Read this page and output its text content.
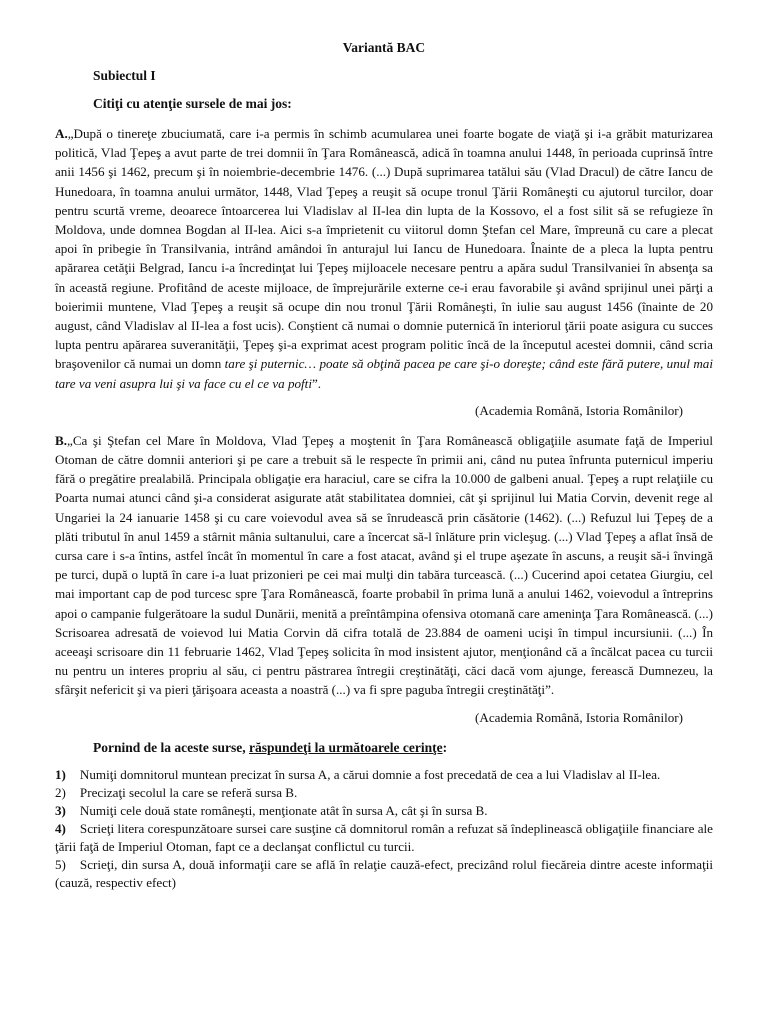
Variantă BAC
Subiectul I
Citiţi cu atenţie sursele de mai jos:

A.„După o tinereţe zbuciumată, care i-a permis în schimb acumularea unei foarte bogate de viaţă şi i-a grăbit maturizarea politică, Vlad Ţepeş a avut parte de trei domnii în Ţara Românească, adică în toamna anului 1448, în perioada cuprinsă între anii 1456 şi 1462, precum şi în noiembrie-decembrie 1476. (...) După suprimarea tatălui său (Vlad Dracul) de către Iancu de Hunedoara, în toamna anului următor, 1448, Vlad Ţepeş a reuşit să ocupe tronul Ţării Româneşti cu ajutorul turcilor, doar pentru scurtă vreme, deoarece întoarcerea lui Vladislav al II-lea din lupta de la Kossovo, el a fost silit să se refugieze în Moldova, unde domnea Bogdan al II-lea. Aici s-a împrietenit cu viitorul domn Ştefan cel Mare, împreună cu care a plecat apoi în pribegie în Transilvania, intrând amândoi în anturajul lui Iancu de Hunedoara. Înainte de a pleca la lupta pentru apărarea cetăţii Belgrad, Iancu i-a încredinţat lui Ţepeş mijloacele necesare pentru a apăra sudul Transilvaniei în absenţa sa în această regiune. Profitând de aceste mijloace, de împrejurările externe ce-i erau favorabile şi având sprijinul unei părţi a boierimii muntene, Vlad Ţepeş a reuşit să ocupe din nou tronul Ţării Româneşti, în iulie sau august 1456 (înainte de 20 august, când Vladislav al II-lea a fost ucis). Conştient că numai o domnie puternică în interiorul ţării poate asigura cu succes lupta pentru apărarea suveranităţii, Ţepeş şi-a exprimat acest program politic încă de la începutul acestei domnii, când scria braşovenilor că numai un domn tare şi puternic… poate să obţină pacea pe care şi-o doreşte; când este fără putere, unul mai tare va veni asupra lui şi va face cu el ce va pofti”.

(Academia Română, Istoria Românilor)

B.„Ca şi Ştefan cel Mare în Moldova, Vlad Ţepeş a moştenit în Ţara Românească obligaţiile asumate faţă de Imperiul Otoman de către domnii anteriori şi pe care a trebuit să le respecte în primii ani, când nu putea înfrunta puternicul imperiu fără o pregătire prealabilă. Principala obligaţie era haraciul, care se cifra la 10.000 de galbeni anual. Ţepeş a rupt relaţiile cu Poarta numai atunci când şi-a considerat asigurate atât stabilitatea domniei, cât şi sprijinul lui Matia Corvin, devenit rege al Ungariei la 24 ianuarie 1458 şi cu care voievodul avea să se înrudească prin căsătorie (1462). (...) Refuzul lui Ţepeş de a plăti tributul în anul 1459 a stârnit mânia sultanului, care a încercat să-l înlăture prin vicleşug. (...) Vlad Ţepeş a aflat însă de cursa care i s-a întins, astfel încât în momentul în care a fost atacat, având şi el trupe aşezate în ascuns, a reuşit să-i învingă pe turci, după o luptă în care i-a luat prizonieri pe cei mai mulţi din tabăra turcească. (...) Cucerind apoi cetatea Giurgiu, cel mai important cap de pod turcesc spre Ţara Românească, foarte probabil în prima lună a anului 1462, voievodul a întreprins apoi o campanie fulgerătoare la sudul Dunării, menită a preîntâmpina ofensiva otomană care ameninţa Ţara Românească. (...) Scrisoarea adresată de voievod lui Matia Corvin dă cifra totală de 23.884 de oameni ucişi în timpul incursiunii. (...) În aceeaşi scrisoare din 11 februarie 1462, Vlad Ţepeş solicita în mod insistent ajutor, menţionând că a încălcat pacea cu turcii nu pentru un interes propriu al său, ci pentru păstrarea întregii creştinătăţi, căci dacă vom ajunge, ferească Dumnezeu, la sfârşit nefericit şi va pieri ţărişoara aceasta a noastră (...) va fi spre paguba întregii creştinătăţi”.

(Academia Română, Istoria Românilor)
Pornind de la aceste surse, răspundeţi la următoarele cerinţe:
1) Numiţi domnitorul muntean precizat în sursa A, a cărui domnie a fost precedată de cea a lui Vladislav al II-lea.
2) Precizaţi secolul la care se referă sursa B.
3) Numiţi cele două state româneşti, menţionate atât în sursa A, cât şi în sursa B.
4) Scrieţi litera corespunzătoare sursei care susţine că domnitorul român a refuzat să îndeplinească obligaţiile financiare ale ţării faţă de Imperiul Otoman, fapt ce a declanşat conflictul cu turcii.
5) Scrieţi, din sursa A, două informaţii care se află în relaţie cauză-efect, precizând rolul fiecăreia dintre aceste informaţii (cauză, respectiv efect)
